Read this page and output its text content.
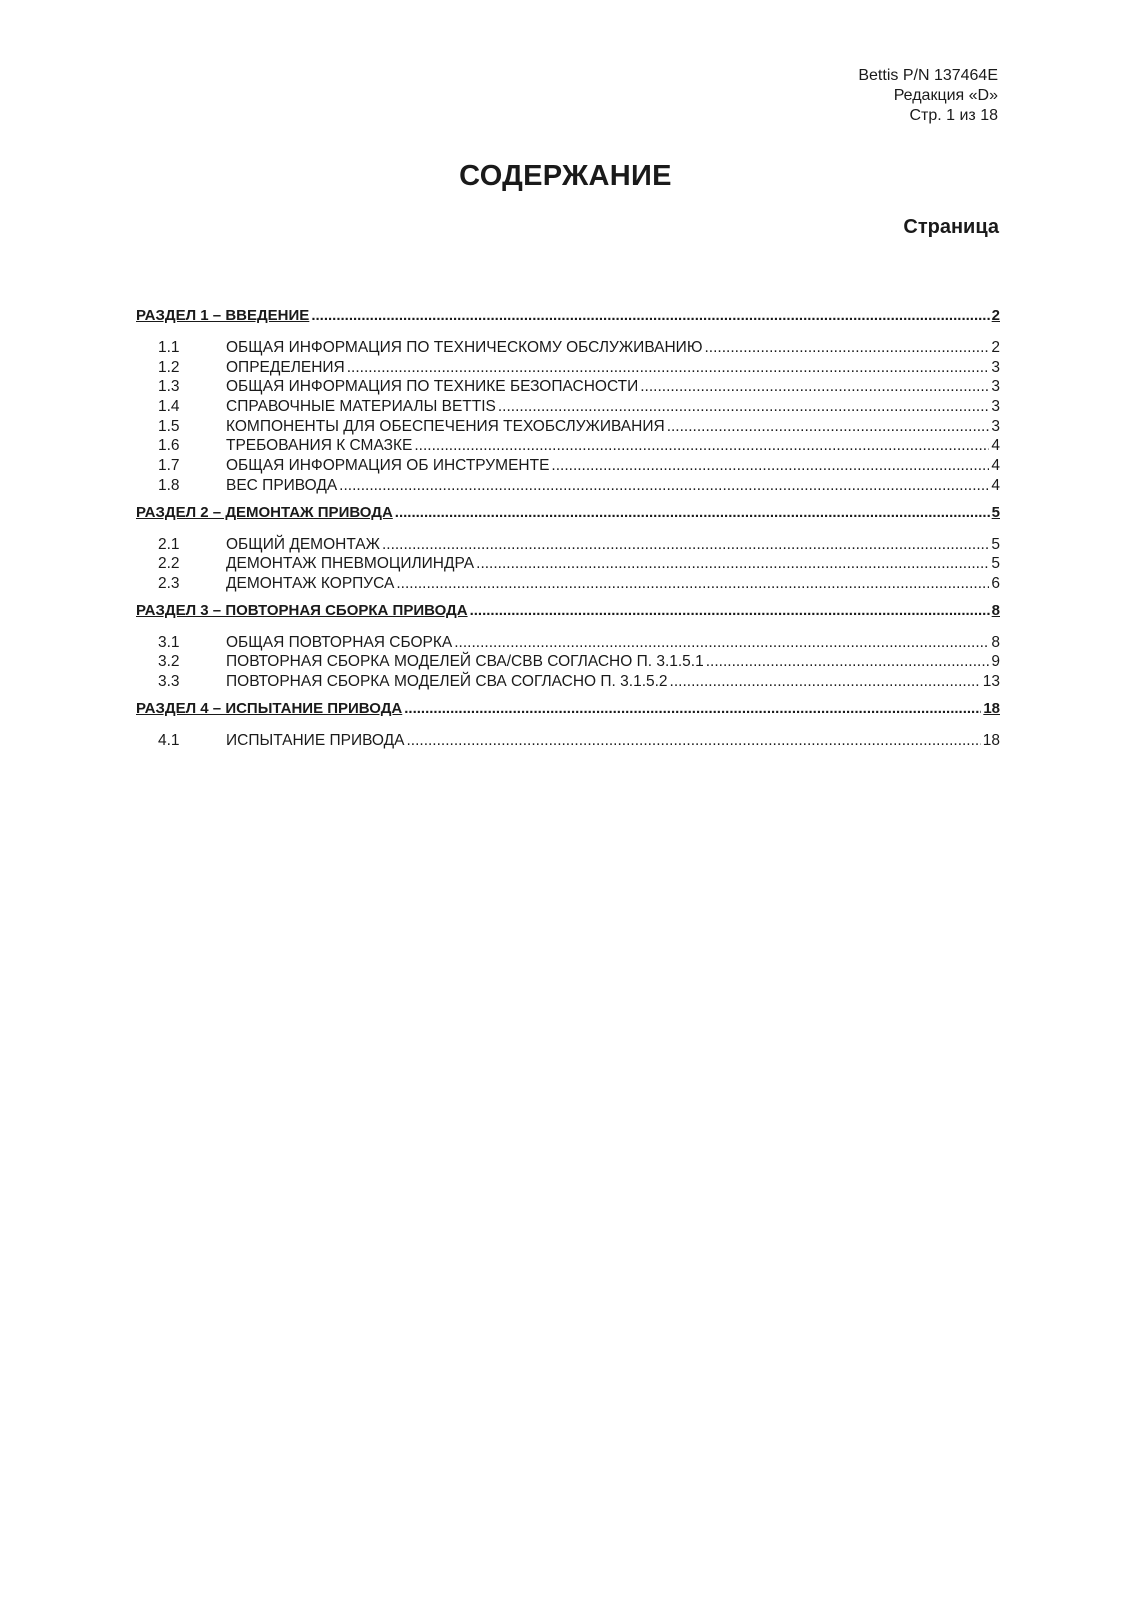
Bettis P/N 137464E
Редакция «D»
Стр. 1 из 18
СОДЕРЖАНИЕ
Страница
РАЗДЕЛ 1 – ВВЕДЕНИЕ .....	2
1.1	ОБЩАЯ ИНФОРМАЦИЯ ПО ТЕХНИЧЕСКОМУ ОБСЛУЖИВАНИЮ .....	2
1.2	ОПРЕДЕЛЕНИЯ .....	3
1.3	ОБЩАЯ ИНФОРМАЦИЯ ПО ТЕХНИКЕ БЕЗОПАСНОСТИ .....	3
1.4	СПРАВОЧНЫЕ МАТЕРИАЛЫ BETTIS .....	3
1.5	КОМПОНЕНТЫ ДЛЯ ОБЕСПЕЧЕНИЯ ТЕХОБСЛУЖИВАНИЯ .....	3
1.6	ТРЕБОВАНИЯ К СМАЗКЕ .....	4
1.7	ОБЩАЯ ИНФОРМАЦИЯ ОБ ИНСТРУМЕНТЕ .....	4
1.8	ВЕС ПРИВОДА .....	4
РАЗДЕЛ 2 – ДЕМОНТАЖ ПРИВОДА .....	5
2.1	ОБЩИЙ ДЕМОНТАЖ .....	5
2.2	ДЕМОНТАЖ ПНЕВМОЦИЛИНДРА .....	5
2.3	ДЕМОНТАЖ КОРПУСА .....	6
РАЗДЕЛ 3 – ПОВТОРНАЯ СБОРКА ПРИВОДА .....	8
3.1	ОБЩАЯ ПОВТОРНАЯ СБОРКА .....	8
3.2	ПОВТОРНАЯ СБОРКА МОДЕЛЕЙ СВА/СВВ СОГЛАСНО П. 3.1.5.1 .....	9
3.3	ПОВТОРНАЯ СБОРКА МОДЕЛЕЙ СВА СОГЛАСНО П. 3.1.5.2 .....	13
РАЗДЕЛ 4 – ИСПЫТАНИЕ ПРИВОДА .....	18
4.1	ИСПЫТАНИЕ ПРИВОДА .....	18
